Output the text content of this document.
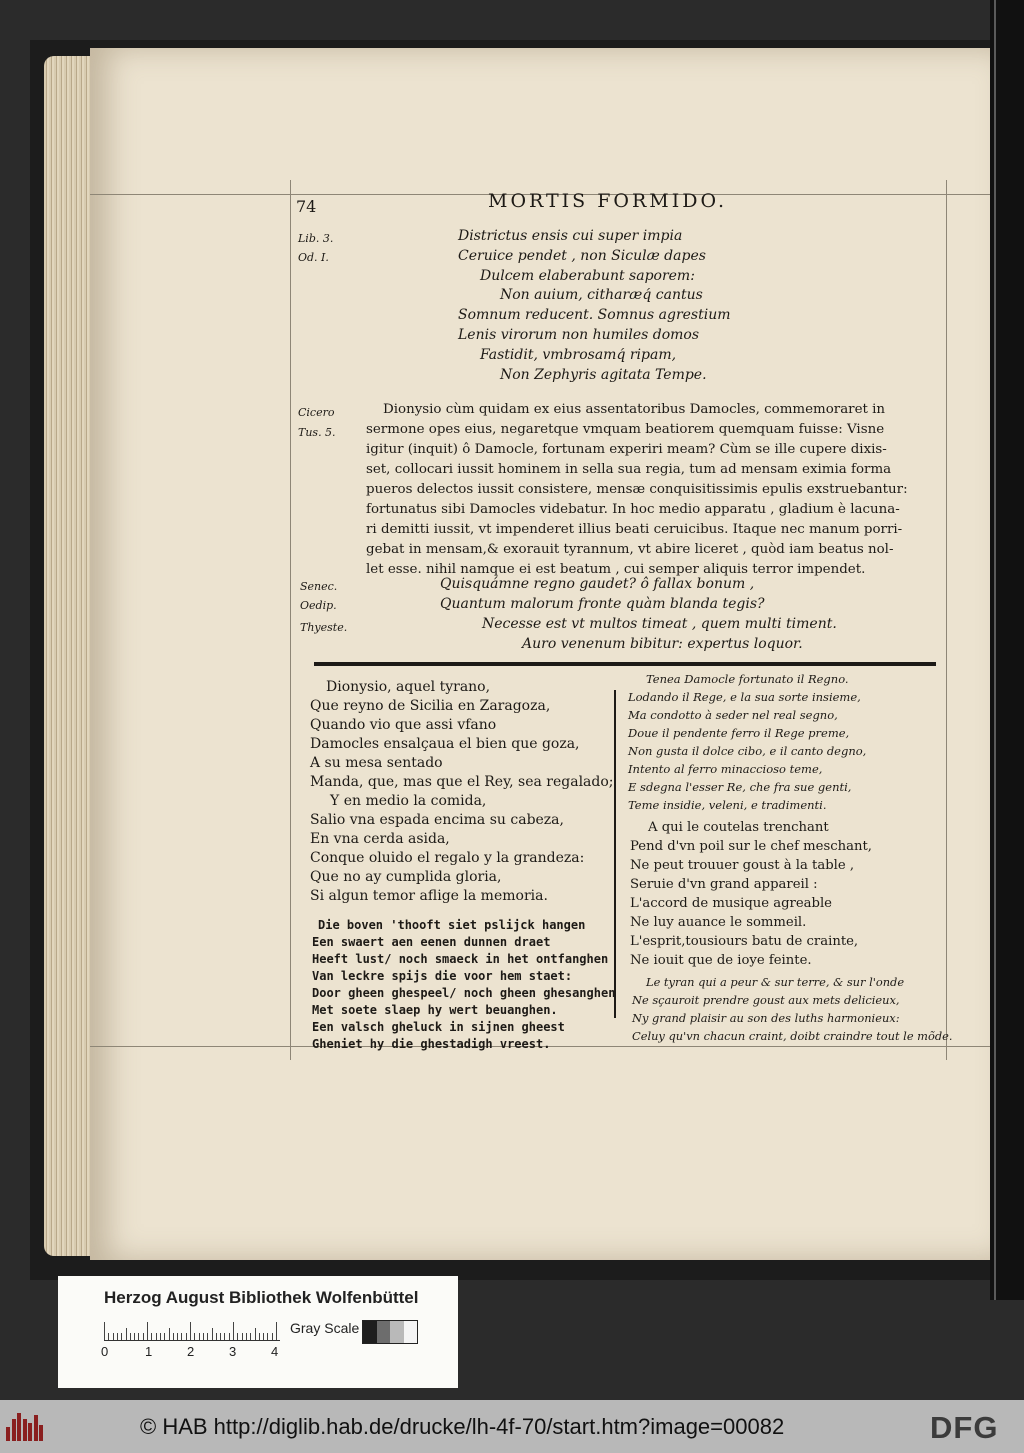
74	MORTIS FORMIDO.
Lib. 3.
Od. I.
Districtus ensis cui super impia
Ceruice pendet , non Siculæ dapes
Dulcem elaberabunt saporem:
Non auium, citharæq́ cantus
Somnum reducent. Somnus agrestium
Lenis virorum non humiles domos
Fastidit, vmbrosamq́ ripam,
Non Zephyris agitata Tempe.
Cicero
Tus. 5.
Dionysio cùm quidam ex eius assentatoribus Damocles, commemoraret in
sermone opes eius, negaretque vmquam beatiorem quemquam fuisse: Visne
igitur (inquit) ô Damocle, fortunam experiri meam? Cùm se ille cupere dixis-
set, collocari iussit hominem in sella sua regia, tum ad mensam eximia forma
pueros delectos iussit consistere, mensæ conquisitissimis epulis exstruebantur:
fortunatus sibi Damocles videbatur. In hoc medio apparatu , gladium è lacuna-
ri demitti iussit, vt impenderet illius beati ceruicibus. Itaque nec manum porri-
gebat in mensam,& exorauit tyrannum, vt abire liceret , quòd iam beatus nol-
let esse. nihil namque ei est beatum , cui semper aliquis terror impendet.
Senec.
Oedip.
Thyeste.
Quisquámne regno gaudet? ô fallax bonum ,
Quantum malorum fronte quàm blanda tegis?
Necesse est vt multos timeat , quem multi timent.
Auro venenum bibitur: expertus loquor.
Dionysio, aquel tyrano,
Que reyno de Sicilia en Zaragoza,
Quando vio que assi vfano
Damocles ensalçaua el bien que goza,
A su mesa sentado
Manda, que, mas que el Rey, sea regalado;
Y en medio la comida,
Salio vna espada encima su cabeza,
En vna cerda asida,
Conque oluido el regalo y la grandeza:
Que no ay cumplida gloria,
Si algun temor aflige la memoria.
Die boven 'thooft siet pslijck hangen
Een swaert aen eenen dunnen draet
Heeft lust/ noch smaeck in het ontfanghen
Van leckre spijs die voor hem staet:
Door gheen ghespeel/ noch gheen ghesanghen
Met soete slaep hy wert beuanghen.
Een valsch gheluck in sijnen gheest
Gheniet hy die ghestadigh vreest.
Tenea Damocle fortunato il Regno.
Lodando il Rege, e la sua sorte insieme,
Ma condotto à seder nel real segno,
Doue il pendente ferro il Rege preme,
Non gusta il dolce cibo, e il canto degno,
Intento al ferro minaccioso teme,
E sdegna l'esser Re, che fra sue genti,
Teme insidie, veleni, e tradimenti.
A qui le coutelas trenchant
Pend d'vn poil sur le chef meschant,
Ne peut trouuer goust à la table ,
Seruie d'vn grand appareil :
L'accord de musique agreable
Ne luy auance le sommeil.
L'esprit,tousiours batu de crainte,
Ne iouit que de ioye feinte.
Le tyran qui a peur & sur terre, & sur l'onde
Ne sçauroit prendre goust aux mets delicieux,
Ny grand plaisir au son des luths harmonieux:
Celuy qu'vn chacun craint, doibt craindre tout le mõde.
Herzog August Bibliothek Wolfenbüttel
0	1	2	3	4
Gray Scale
© HAB http://diglib.hab.de/drucke/lh-4f-70/start.htm?image=00082	DFG
